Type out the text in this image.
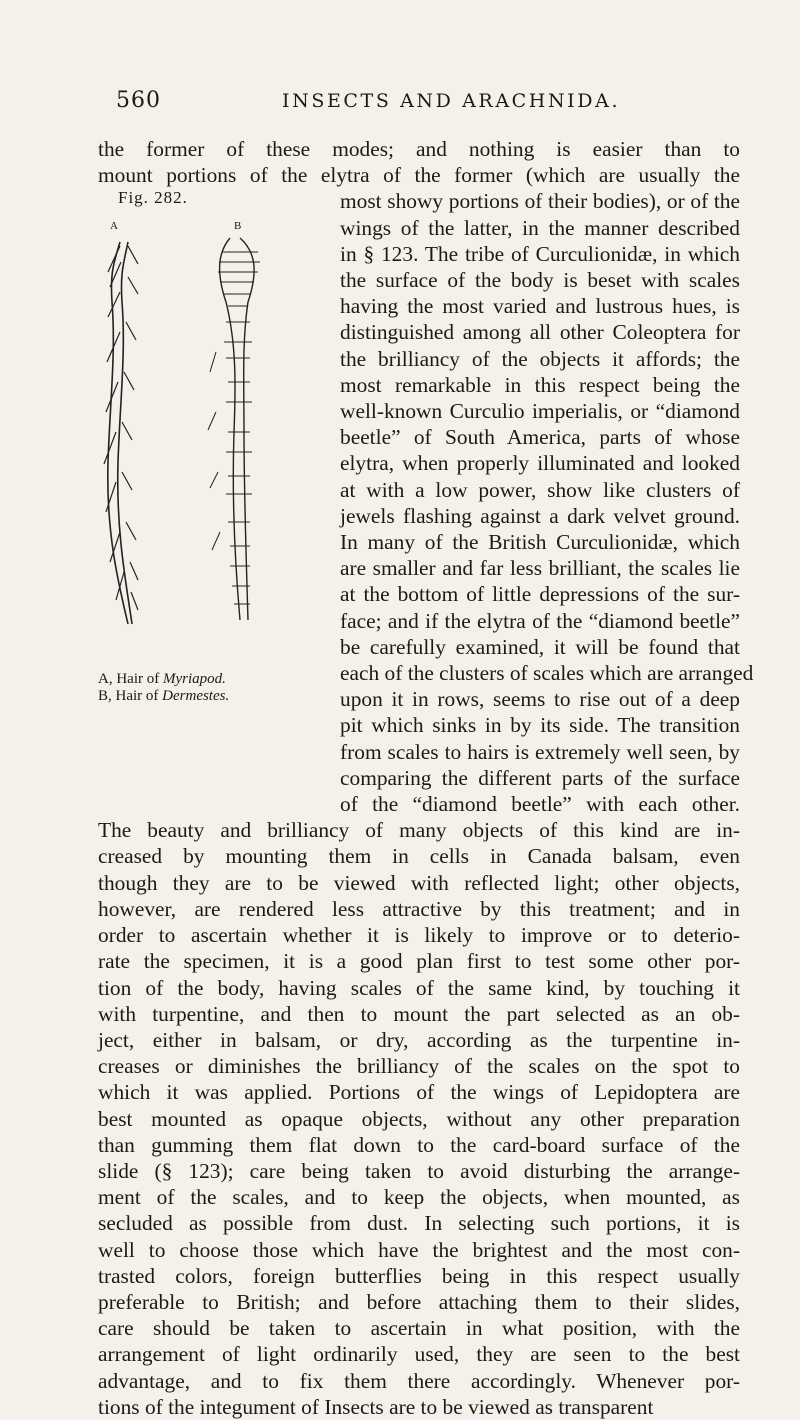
560	INSECTS AND ARACHNIDA.
Fig. 282.
A	B
A, Hair of Myriapod.
B, Hair of Dermestes.
the former of these modes; and nothing is easier than to
mount portions of the elytra of the former (which are usually the
most showy portions of their bodies), or of the
wings of the latter, in the manner described
in § 123. The tribe of Curculionidæ, in which
the surface of the body is beset with scales
having the most varied and lustrous hues, is
distinguished among all other Coleoptera for
the brilliancy of the objects it affords; the
most remarkable in this respect being the
well-known Curculio imperialis, or “diamond
beetle” of South America, parts of whose
elytra, when properly illuminated and looked
at with a low power, show like clusters of
jewels flashing against a dark velvet ground.
In many of the British Curculionidæ, which
are smaller and far less brilliant, the scales lie
at the bottom of little depressions of the sur-
face; and if the elytra of the “diamond beetle”
be carefully examined, it will be found that
each of the clusters of scales which are arranged
upon it in rows, seems to rise out of a deep
pit which sinks in by its side. The transition
from scales to hairs is extremely well seen, by
comparing the different parts of the surface
of the “diamond beetle” with each other.
The beauty and brilliancy of many objects of this kind are in-
creased by mounting them in cells in Canada balsam, even
though they are to be viewed with reflected light; other objects,
however, are rendered less attractive by this treatment; and in
order to ascertain whether it is likely to improve or to deterio-
rate the specimen, it is a good plan first to test some other por-
tion of the body, having scales of the same kind, by touching it
with turpentine, and then to mount the part selected as an ob-
ject, either in balsam, or dry, according as the turpentine in-
creases or diminishes the brilliancy of the scales on the spot to
which it was applied. Portions of the wings of Lepidoptera are
best mounted as opaque objects, without any other preparation
than gumming them flat down to the card-board surface of the
slide (§ 123); care being taken to avoid disturbing the arrange-
ment of the scales, and to keep the objects, when mounted, as
secluded as possible from dust. In selecting such portions, it is
well to choose those which have the brightest and the most con-
trasted colors, foreign butterflies being in this respect usually
preferable to British; and before attaching them to their slides,
care should be taken to ascertain in what position, with the
arrangement of light ordinarily used, they are seen to the best
advantage, and to fix them there accordingly. Whenever por-
tions of the integument of Insects are to be viewed as transparent
